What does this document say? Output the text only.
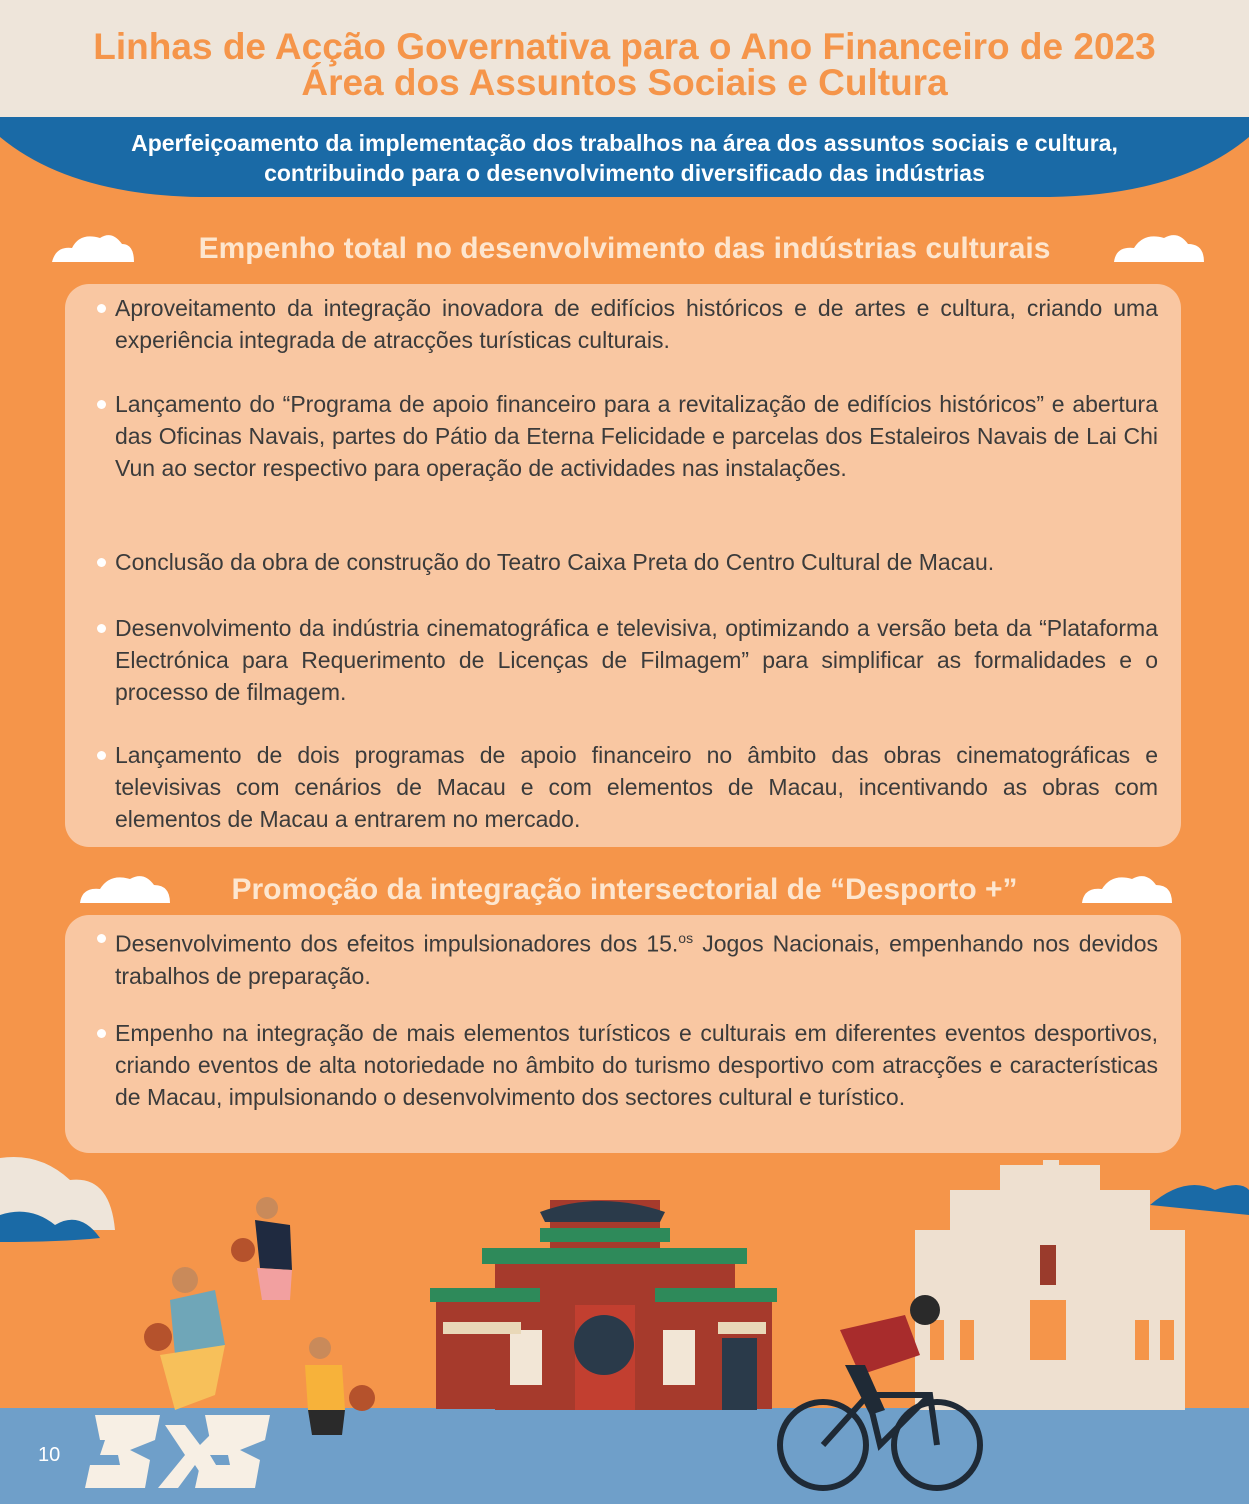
Linhas de Acção Governativa para o Ano Financeiro de 2023
Área dos Assuntos Sociais e Cultura
Aperfeiçoamento da implementação dos trabalhos na área dos assuntos sociais e cultura,
contribuindo para o desenvolvimento diversificado das indústrias
Empenho total no desenvolvimento das indústrias culturais
Aproveitamento da integração inovadora de edifícios históricos e de artes e cultura, criando uma experiência integrada de atracções turísticas culturais.
Lançamento do “Programa de apoio financeiro para a revitalização de edifícios históricos” e abertura das Oficinas Navais, partes do Pátio da Eterna Felicidade e parcelas dos Estaleiros Navais de Lai Chi Vun ao sector respectivo para operação de actividades nas instalações.
Conclusão da obra de construção do Teatro Caixa Preta do Centro Cultural de Macau.
Desenvolvimento da indústria cinematográfica e televisiva, optimizando a versão beta da “Plataforma Electrónica para Requerimento de Licenças de Filmagem” para simplificar as formalidades e o processo de filmagem.
Lançamento de dois programas de apoio financeiro no âmbito das obras cinematográficas e televisivas com cenários de Macau e com elementos de Macau, incentivando as obras com elementos de Macau a entrarem no mercado.
Promoção da integração intersectorial de “Desporto +”
Desenvolvimento dos efeitos impulsionadores dos 15.$^{os}$ Jogos Nacionais, empenhando nos devidos trabalhos de preparação.
Empenho na integração de mais elementos turísticos e culturais em diferentes eventos desportivos, criando eventos de alta notoriedade no âmbito do turismo desportivo com atracções e características de Macau, impulsionando o desenvolvimento dos sectores cultural e turístico.
10
